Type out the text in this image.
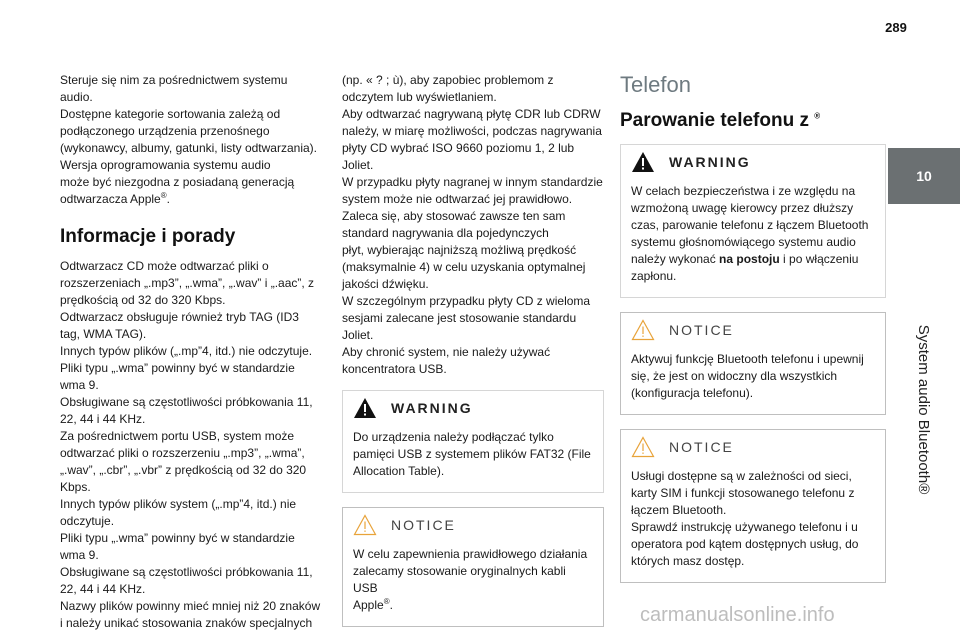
289
10
System audio Bluetooth®

Steruje się nim za pośrednictwem systemu
audio.
Dostępne kategorie sortowania zależą od
podłączonego urządzenia przenośnego
(wykonawcy, albumy, gatunki, listy odtwarzania).
Wersja oprogramowania systemu audio
może być niezgodna z posiadaną generacją
odtwarzacza Apple®.

Informacje i porady

Odtwarzacz CD może odtwarzać pliki o
rozszerzeniach „.mp3”, „.wma”, „.wav” i „.aac”, z
prędkością od 32 do 320 Kbps.
Odtwarzacz obsługuje również tryb TAG (ID3
tag, WMA TAG).
Innych typów plików („.mp”4, itd.) nie odczytuje.
Pliki typu „.wma” powinny być w standardzie
wma 9.
Obsługiwane są częstotliwości próbkowania 11,
22, 44 i 44 KHz.
Za pośrednictwem portu USB, system może
odtwarzać pliki o rozszerzeniu „.mp3”, „.wma”,
„.wav”, „.cbr”, „.vbr” z prędkością od 32 do 320
Kbps.
Innych typów plików system („.mp”4, itd.) nie
odczytuje.
Pliki typu „.wma” powinny być w standardzie
wma 9.
Obsługiwane są częstotliwości próbkowania 11,
22, 44 i 44 KHz.
Nazwy plików powinny mieć mniej niż 20 znaków
i należy unikać stosowania znaków specjalnych

(np. « ? ; ù), aby zapobiec problemom z
odczytem lub wyświetlaniem.
Aby odtwarzać nagrywaną płytę CDR lub CDRW
należy, w miarę możliwości, podczas nagrywania
płyty CD wybrać ISO 9660 poziomu 1, 2 lub
Joliet.
W przypadku płyty nagranej w innym standardzie
system może nie odtwarzać jej prawidłowo.
Zaleca się, aby stosować zawsze ten sam
standard nagrywania dla pojedynczych
płyt, wybierając najniższą możliwą prędkość
(maksymalnie 4) w celu uzyskania optymalnej
jakości dźwięku.
W szczególnym przypadku płyty CD z wieloma
sesjami zalecane jest stosowanie standardu
Joliet.
Aby chronić system, nie należy używać
koncentratora USB.

WARNING

Do urządzenia należy podłączać tylko
pamięci USB z systemem plików FAT32 (File
Allocation Table).

NOTICE

W celu zapewnienia prawidłowego działania
zalecamy stosowanie oryginalnych kabli USB
Apple®.

Telefon
Parowanie telefonu z ®
WARNING

W celach bezpieczeństwa i ze względu na
wzmożoną uwagę kierowcy przez dłuższy
czas, parowanie telefonu z łączem Bluetooth
systemu głośnomówiącego systemu audio
należy wykonać na postoju i po włączeniu
zapłonu.

NOTICE

Aktywuj funkcję Bluetooth telefonu i upewnij
się, że jest on widoczny dla wszystkich
(konfiguracja telefonu).

NOTICE

Usługi dostępne są w zależności od sieci,
karty SIM i funkcji stosowanego telefonu z
łączem Bluetooth.
Sprawdź instrukcję używanego telefonu i u
operatora pod kątem dostępnych usług, do
których masz dostęp.

carmanualsonline.info
